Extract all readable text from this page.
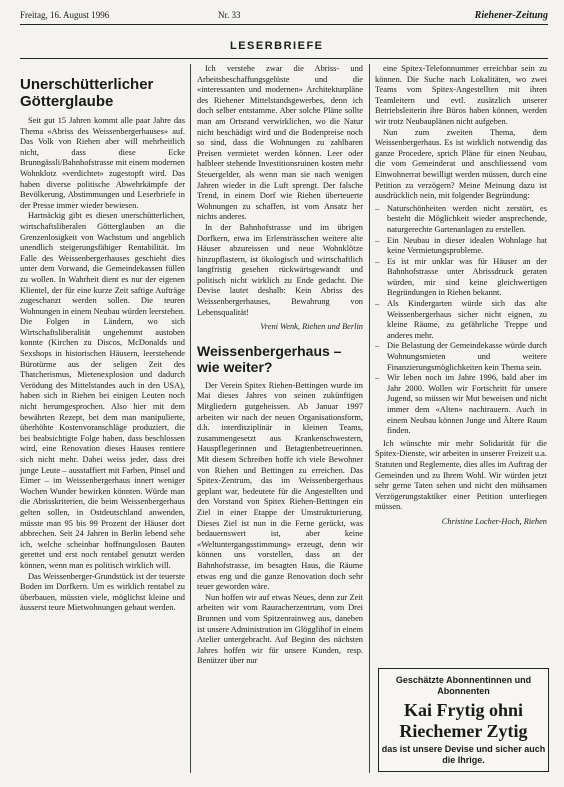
Freitag, 16. August 1996	Nr. 33	Riehener-Zeitung
LESERBRIEFE
Unerschütterlicher Götterglaube

Seit gut 15 Jahren kommt alle paar Jahre das Thema «Abriss des Weissenbergerhauses» auf. Das Volk von Riehen aber will mehrheitlich nicht, dass diese Ecke Brunngässli/Bahnhofstrasse mit einem modernen Wohnklotz «verdichtet» zugestopft wird. Das haben diverse politische Abwehrkämpfe der Bevölkerung, Abstimmungen und Leserbriefe in der Presse immer wieder bewiesen.

Hartnäckig gibt es diesen unerschütterlichen, wirtschaftsliberalen Götterglauben an die Grenzenlosigkeit von Wachstum und angeblich unendlich steigerungsfähiger Rentabilität. Im Falle des Weissenbergerhauses geschieht dies unter dem Vorwand, die Gemeindekassen füllen zu wollen. In Wahrheit dient es nur der eigenen Klientel, der für eine kurze Zeit saftige Aufträge zugeschanzt werden sollen. Die teuren Wohnungen in einem Neubau würden leerstehen. Die Folgen in Ländern, wo sich Wirtschaftsliberalität ungehemmt austoben konnte (Kirchen zu Discos, McDonalds und Sexshops in historischen Häusern, leerstehende Bürotürme aus der seligen Zeit des Thatcherismus, Mietenexplosion und dadurch Verödung des Mittelstandes auch in den USA), haben sich in Riehen bei einigen Leuten noch nicht herumgesprochen. Also hier mit dem bewährten Rezept, bei dem man manipulierte, überhöhte Kostenvoranschläge produziert, die bei beabsichtigte Folge haben, dass beschlossen wird, eine Renovation dieses Hauses rentiere sich nicht mehr. Dabei weiss jeder, dass drei junge Leute – ausstaffiert mit Farben, Pinsel und Eimer – im Weissenbergerhaus innert weniger Wochen Wunder bewirken könnten. Würde man die Abrisskriterien, die beim Weissenbergerhaus gelten sollen, in Ostdeutschland anwenden, müsste man 95 bis 99 Prozent der Häuser dort abbrechen. Seit 24 Jahren in Berlin lebend sehe ich, welche scheinbar hoffnungslosen Bauten gerettet und erst noch rentabel genutzt werden können, wenn man es politisch wirklich will.

Das Weissenberger-Grundstück ist der teuerste Boden im Dorfkern. Um es wirklich rentabel zu überbauen, müssten viele, möglichst kleine und äusserst teure Mietwohnungen gebaut werden.

Ich verstehe zwar die Abriss- und Arbeitsbeschaffungsgelüste und die «interessanten und modernen» Architekturpläne des Riehener Mittelstandsgewerbes, denn ich doch selber entstamme. Aber solche Pläne sollte man am Ortsrand verwirklichen, wo die Natur nicht beschädigt wird und die Bodenpreise noch so sind, dass die Wohnungen zu zahlbaren Preisen vermietet werden können. Leer oder halbleer stehende Investitionsruinen kosten mehr Steuergelder, als wenn man sie nach wenigen Jahren wieder in die Luft sprengt. Der falsche Trend, in einem Dorf wie Riehen überteuerte Wohnungen zu schaffen, ist vom Ansatz her nichts anderes.

In der Bahnhofstrasse und im übrigen Dorfkern, etwa im Erlensträsschen weitere alte Häuser abzureissen und neue Wohnklötze hinzupflastern, ist ökologisch und wirtschaftlich langfristig gesehen rückwärtsgewandt und politisch nicht wirklich zu Ende gedacht. Die Devise lautet deshalb: Kein Abriss des Weissenbergerhauses, Bewahrung von Lebensqualität!

Vreni Wenk, Riehen und Berlin
Weissenbergerhaus – wie weiter?

Der Verein Spitex Riehen-Bettingen wurde im Mai dieses Jahres von seinen zukünftigen Mitgliedern gutgeheissen. Ab Januar 1997 arbeiten wir nach der neuen Organisationsform, d.h. interdisziplinär in kleinen Teams, zusammengesetzt aus Krankenschwestern, Hauspflegerinnen und Betagtenbetreuerinnen. Mit diesem Schreiben hoffe ich viele Bewohner von Riehen und Bettingen zu erreichen. Das Spitex-Zentrum, das im Weissenbergerhaus geplant war, bedeutete für die Angestellten und den Vorstand von Spitex Riehen-Bettingen ein Ziel in einer Etappe der Umstrukturierung. Dieses Ziel ist nun in die Ferne gerückt, was bedauernswert ist, aber keine «Weltuntergangsstimmung» erzeugt, denn wir können uns vorstellen, dass an der Bahnhofstrasse, im besagten Haus, die Räume etwas eng und die ganze Renovation doch sehr teuer geworden wäre.

Nun hoffen wir auf etwas Neues, denn zur Zeit arbeiten wir vom Rauracherzentrum, vom Drei Brunnen und vom Spitzenrainweg aus, daneben ist unsere Administration im Glögglihof in einem Atelier untergebracht. Auf Beginn des nächsten Jahres hoffen wir für unsere Kunden, resp. Benützer über nur

eine Spitex-Telefonnummer erreichbar sein zu können. Die Suche nach Lokalitäten, wo zwei Teams vom Spitex-Angestellten mit ihren Teamleitern und evtl. zusätzlich unserer Betriebsleiterin ihre Büros haben können, werden wir trotz Neubauplänen nicht aufgeben.

Nun zum zweiten Thema, dem Weissenbergerhaus. Es ist wirklich notwendig das ganze Procedere, sprich Pläne für einen Neubau, die vom Gemeinderat und anschliessend vom Einwohnerrat bewilligt werden müssen, durch eine Petition zu verzögern? Meine Meinung dazu ist ausdrücklich nein, mit folgender Begründung:

– Naturschönheiten werden nicht zerstört, es besteht die Möglichkeit wieder ansprechende, naturgerechte Gartenanlagen zu erstellen.
– Ein Neubau in dieser idealen Wohnlage hat keine Vermietungsprobleme.
– Es ist mir unklar was für Häuser an der Bahnhofstrasse unter Abrissdruck geraten würden, mir sind keine gleichwertigen Begründungen in Riehen bekannt.
– Als Kindergarten würde sich das alte Weissenbergerhaus sicher nicht eignen, zu kleine Räume, zu gefährliche Treppe und anderes mehr.
– Die Belastung der Gemeindekasse würde durch Wohnungsmieten und weitere Finanzierungsmöglichkeiten kein Thema sein.
– Wir leben noch im Jahre 1996, bald aber im Jahr 2000. Wollen wir Fortschritt für unsere Jugend, so müssen wir Mut beweisen und nicht immer dem «Alten» nachtrauern. Auch in einem Neubau können Junge und Ältere Raum finden.

Ich wünschte mir mehr Solidarität für die Spitex-Dienste, wir arbeiten in unserer Freizeit u.a. Statuten und Reglemente, dies alles im Auftrag der Gemeinden und zu Ihrem Wohl. Wir würden jetzt sehr gerne Taten sehen und nicht den mühsamen Verzögerungstaktiker einer Petition unterliegen müssen.

Christine Locher-Hoch, Riehen
Geschätzte Abonnentinnen und Abonnenten
Kai Frytig ohni Riechemer Zytig
das ist unsere Devise und sicher auch die Ihrige.
